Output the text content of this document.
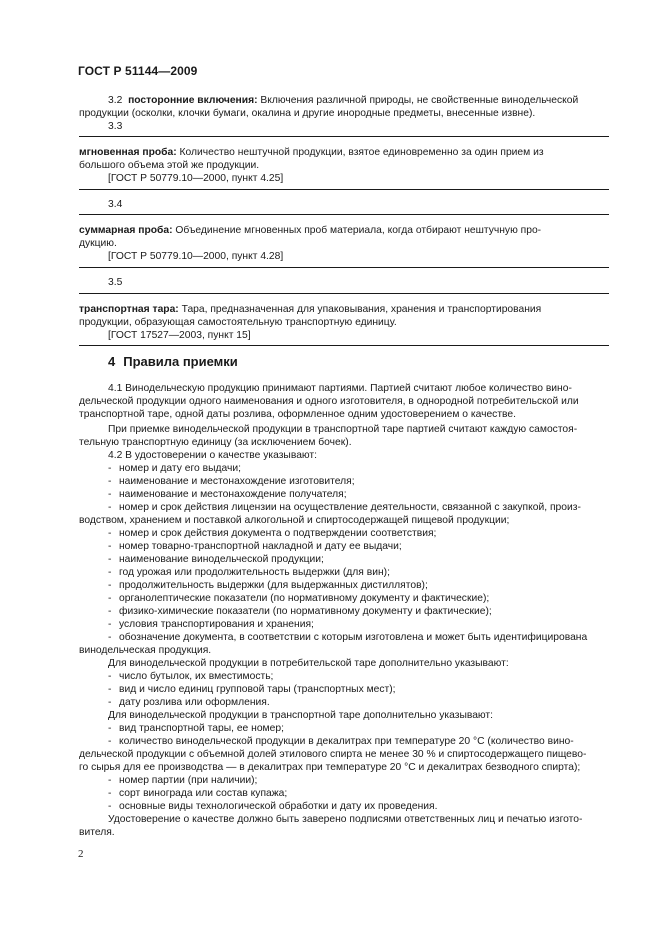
ГОСТ Р 51144—2009
3.2 посторонние включения: Включения различной природы, не свойственные винодельческой
продукции (осколки, клочки бумаги, окалина и другие инородные предметы, внесенные извне).
3.3
мгновенная проба: Количество нештучной продукции, взятое единовременно за один прием из
большого объема этой же продукции.
[ГОСТ Р 50779.10—2000, пункт 4.25]
3.4
суммарная проба: Объединение мгновенных проб материала, когда отбирают нештучную про-
дукцию.
[ГОСТ Р 50779.10—2000, пункт 4.28]
3.5
транспортная тара: Тара, предназначенная для упаковывания, хранения и транспортирования
продукции, образующая самостоятельную транспортную единицу.
[ГОСТ 17527—2003, пункт 15]
4 Правила приемки
4.1 Винодельческую продукцию принимают партиями. Партией считают любое количество вино-
дельческой продукции одного наименования и одного изготовителя, в однородной потребительской или
транспортной таре, одной даты розлива, оформленное одним удостоверением о качестве.
При приемке винодельческой продукции в транспортной таре партией считают каждую самостоя-
тельную транспортную единицу (за исключением бочек).
4.2 В удостоверении о качестве указывают:
- номер и дату его выдачи;
- наименование и местонахождение изготовителя;
- наименование и местонахождение получателя;
- номер и срок действия лицензии на осуществление деятельности, связанной с закупкой, произ-
водством, хранением и поставкой алкогольной и спиртосодержащей пищевой продукции;
- номер и срок действия документа о подтверждении соответствия;
- номер товарно-транспортной накладной и дату ее выдачи;
- наименование винодельческой продукции;
- год урожая или продолжительность выдержки (для вин);
- продолжительность выдержки (для выдержанных дистиллятов);
- органолептические показатели (по нормативному документу и фактические);
- физико-химические показатели (по нормативному документу и фактические);
- условия транспортирования и хранения;
- обозначение документа, в соответствии с которым изготовлена и может быть идентифицирована
винодельческая продукция.
Для винодельческой продукции в потребительской таре дополнительно указывают:
- число бутылок, их вместимость;
- вид и число единиц групповой тары (транспортных мест);
- дату розлива или оформления.
Для винодельческой продукции в транспортной таре дополнительно указывают:
- вид транспортной тары, ее номер;
- количество винодельческой продукции в декалитрах при температуре 20 °С (количество вино-
дельческой продукции с объемной долей этилового спирта не менее 30 % и спиртосодержащего пищево-
го сырья для ее производства — в декалитрах при температуре 20 °С и декалитрах безводного спирта);
- номер партии (при наличии);
- сорт винограда или состав купажа;
- основные виды технологической обработки и дату их проведения.
Удостоверение о качестве должно быть заверено подписями ответственных лиц и печатью изгото-
вителя.
2
